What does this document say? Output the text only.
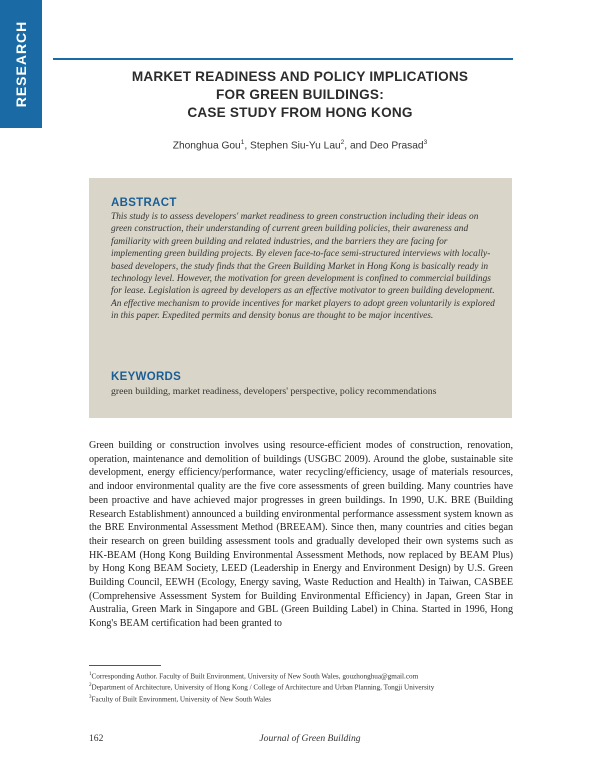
RESEARCH	MARKET READINESS AND POLICY IMPLICATIONS
FOR GREEN BUILDINGS:
CASE STUDY FROM HONG KONG
Zhonghua Gou$^1$, Stephen Siu-Yu Lau$^2$, and Deo Prasad$^3$
ABSTRACT
This study is to assess developers' market readiness to green construction including their ideas on green construction, their understanding of current green building policies, their awareness and familiarity with green building and related industries, and the barriers they are facing for implementing green building projects. By eleven face-to-face semi-structured interviews with locally-based developers, the study finds that the Green Building Market in Hong Kong is basically ready in technology level. However, the motivation for green development is confined to commercial buildings for lease. Legislation is agreed by developers as an effective motivator to green building development. An effective mechanism to provide incentives for market players to adopt green voluntarily is explored in this paper. Expedited permits and density bonus are thought to be major incentives.
KEYWORDS
green building, market readiness, developers' perspective, policy recommendations
Green building or construction involves using resource-efficient modes of construction, renovation, operation, maintenance and demolition of buildings (USGBC 2009). Around the globe, sustainable site development, energy efficiency/performance, water recycling/efficiency, usage of materials resources, and indoor environmental quality are the five core assessments of green building. Many countries have been proactive and have achieved major progresses in green buildings. In 1990, U.K. BRE (Building Research Establishment) announced a building environmental performance assessment system known as the BRE Environmental Assessment Method (BREEAM). Since then, many countries and cities began their research on green building assessment tools and gradually developed their own systems such as HK-BEAM (Hong Kong Building Environmental Assessment Methods, now replaced by BEAM Plus) by Hong Kong BEAM Society, LEED (Leadership in Energy and Environment Design) by U.S. Green Building Council, EEWH (Ecology, Energy saving, Waste Reduction and Health) in Taiwan, CASBEE (Comprehensive Assessment System for Building Environmental Efficiency) in Japan, Green Star in Australia, Green Mark in Singapore and GBL (Green Building Label) in China. Started in 1996, Hong Kong's BEAM certification had been granted to
$^1$Corresponding Author. Faculty of Built Environment, University of New South Wales, gouzhonghua@gmail.com
$^2$Department of Architecture, University of Hong Kong / College of Architecture and Urban Planning, Tongji University
$^3$Faculty of Built Environment, University of New South Wales
162	Journal of Green Building
